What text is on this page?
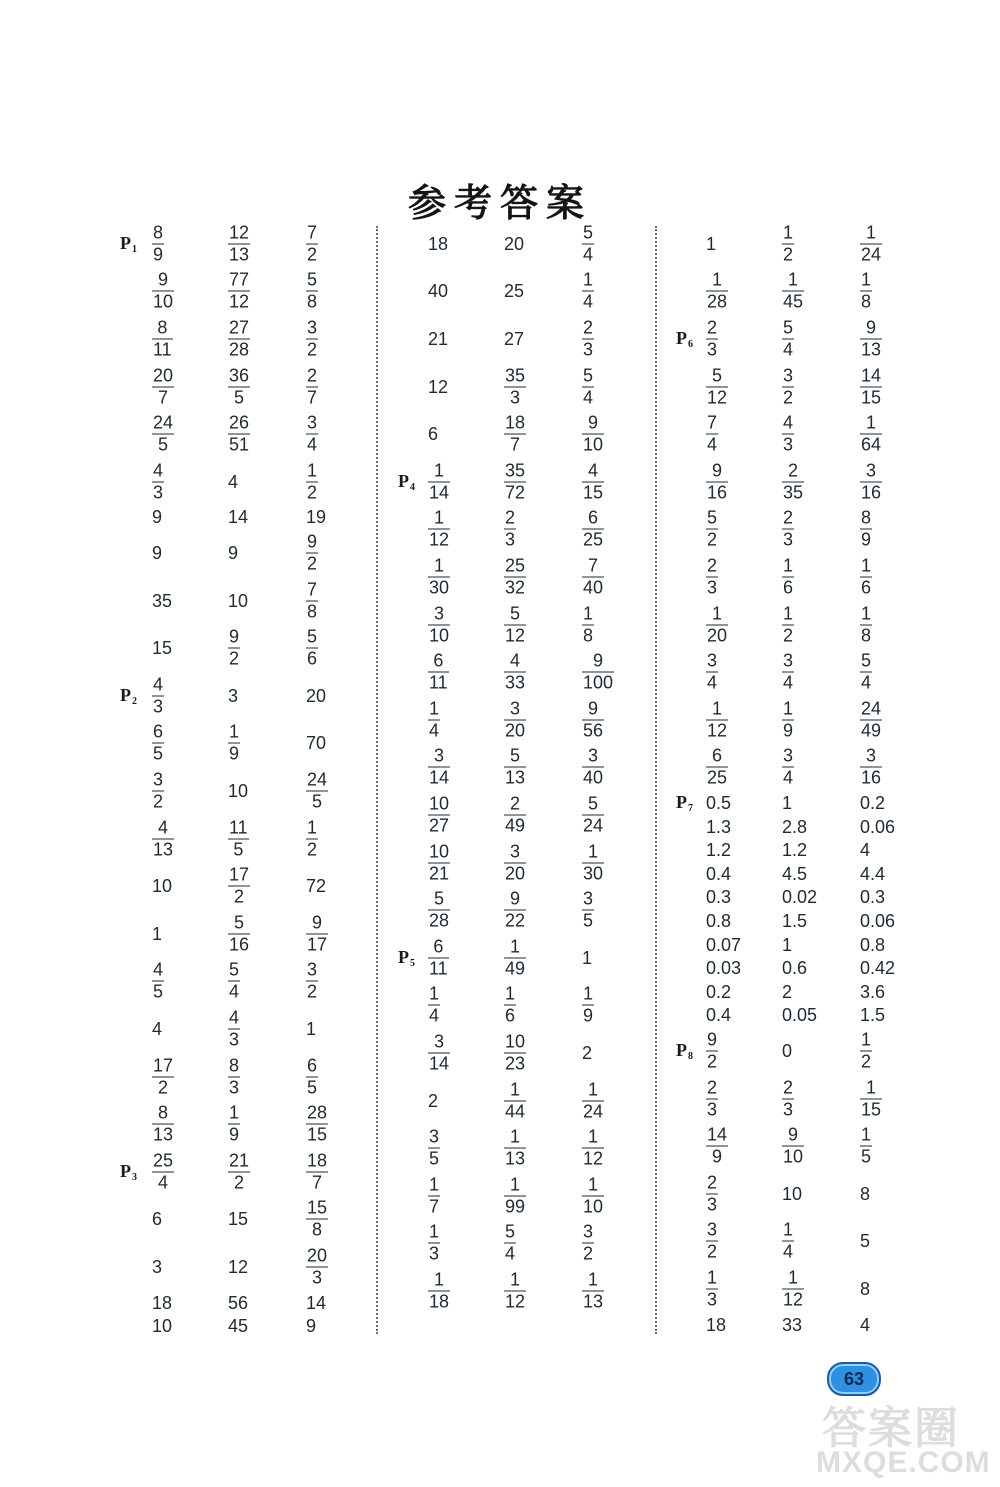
参考答案
$P_1 \frac{8}{9}$	$\frac{12}{13}$	$\frac{7}{2}$
$\frac{9}{10}$	$\frac{77}{12}$	$\frac{5}{8}$
$\frac{8}{11}$	$\frac{27}{28}$	$\frac{3}{2}$
$\frac{20}{7}$	$\frac{36}{5}$	$\frac{2}{7}$
$\frac{24}{5}$	$\frac{26}{51}$	$\frac{3}{4}$
$\frac{4}{3}$	4	$\frac{1}{2}$
9	14	19
9	9	$\frac{9}{2}$
35	10	$\frac{7}{8}$
15	$\frac{9}{2}$	$\frac{5}{6}$
$P_2 \frac{4}{3}$	3	20
$\frac{6}{5}$	$\frac{1}{9}$	70
$\frac{3}{2}$	10	$\frac{24}{5}$
$\frac{4}{13}$	$\frac{11}{5}$	$\frac{1}{2}$
10	$\frac{17}{2}$	72
1	$\frac{5}{16}$	$\frac{9}{17}$
$\frac{4}{5}$	$\frac{5}{4}$	$\frac{3}{2}$
4	$\frac{4}{3}$	1
$\frac{17}{2}$	$\frac{8}{3}$	$\frac{6}{5}$
$\frac{8}{13}$	$\frac{1}{9}$	$\frac{28}{15}$
$P_3 \frac{25}{4}$	$\frac{21}{2}$	$\frac{18}{7}$
6	15	$\frac{15}{8}$
3	12	$\frac{20}{3}$
18	56	14
10	45	9
18	20	$\frac{5}{4}$
40	25	$\frac{1}{4}$
21	27	$\frac{2}{3}$
12	$\frac{35}{3}$	$\frac{5}{4}$
6	$\frac{18}{7}$	$\frac{9}{10}$
$P_4 \frac{1}{14}$	$\frac{35}{72}$	$\frac{4}{15}$
$\frac{1}{12}$	$\frac{2}{3}$	$\frac{6}{25}$
$\frac{1}{30}$	$\frac{25}{32}$	$\frac{7}{40}$
$\frac{3}{10}$	$\frac{5}{12}$	$\frac{1}{8}$
$\frac{6}{11}$	$\frac{4}{33}$	$\frac{9}{100}$
$\frac{1}{4}$	$\frac{3}{20}$	$\frac{9}{56}$
$\frac{3}{14}$	$\frac{5}{13}$	$\frac{3}{40}$
$\frac{10}{27}$	$\frac{2}{49}$	$\frac{5}{24}$
$\frac{10}{21}$	$\frac{3}{20}$	$\frac{1}{30}$
$\frac{5}{28}$	$\frac{9}{22}$	$\frac{3}{5}$
$P_5 \frac{6}{11}$	$\frac{1}{49}$	1
$\frac{1}{4}$	$\frac{1}{6}$	$\frac{1}{9}$
$\frac{3}{14}$	$\frac{10}{23}$	2
2	$\frac{1}{44}$	$\frac{1}{24}$
$\frac{3}{5}$	$\frac{1}{13}$	$\frac{1}{12}$
$\frac{1}{7}$	$\frac{1}{99}$	$\frac{1}{10}$
$\frac{1}{3}$	$\frac{5}{4}$	$\frac{3}{2}$
$\frac{1}{18}$	$\frac{1}{12}$	$\frac{1}{13}$
1	$\frac{1}{2}$	$\frac{1}{24}$
$\frac{1}{28}$	$\frac{1}{45}$	$\frac{1}{8}$
$P_6 \frac{2}{3}$	$\frac{5}{4}$	$\frac{9}{13}$
$\frac{5}{12}$	$\frac{3}{2}$	$\frac{14}{15}$
$\frac{7}{4}$	$\frac{4}{3}$	$\frac{1}{64}$
$\frac{9}{16}$	$\frac{2}{35}$	$\frac{3}{16}$
$\frac{5}{2}$	$\frac{2}{3}$	$\frac{8}{9}$
$\frac{2}{3}$	$\frac{1}{6}$	$\frac{1}{6}$
$\frac{1}{20}$	$\frac{1}{2}$	$\frac{1}{8}$
$\frac{3}{4}$	$\frac{3}{4}$	$\frac{5}{4}$
$\frac{1}{12}$	$\frac{1}{9}$	$\frac{24}{49}$
$\frac{6}{25}$	$\frac{3}{4}$	$\frac{3}{16}$
$P_7$ 0.5	1	0.2
1.3	2.8	0.06
1.2	1.2	4
0.4	4.5	4.4
0.3	0.02 0.3
0.8	1.5	0.06
0.07 1	0.8
0.03 0.6	0.42
0.2	2	3.6
0.4	0.05 1.5
$P_8 \frac{9}{2}$	0	$\frac{1}{2}$
$\frac{2}{3}$	$\frac{2}{3}$	$\frac{1}{15}$
$\frac{14}{9}$	$\frac{9}{10}$	$\frac{1}{5}$
$\frac{2}{3}$	10	8
$\frac{3}{2}$	$\frac{1}{4}$	5
$\frac{1}{3}$	$\frac{1}{12}$	8
18	33	4
63
答案圈
MXQE.COM
